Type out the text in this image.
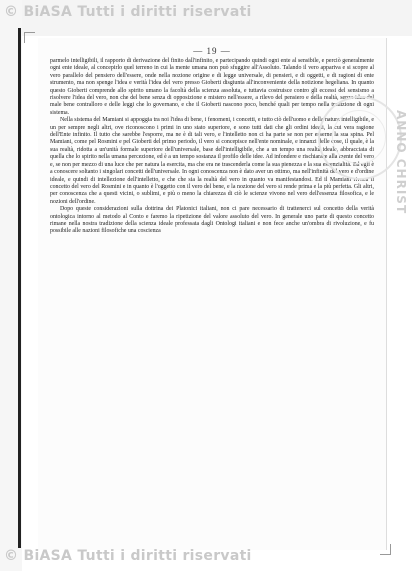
— 19 —

parmelo intelligibili, il rapporto di derivazione del finito dall'infinito, e partecipando quindi ogni ente al sensibile, e perciò generalmente ogni ente ideale, al concepirlo quel terreno in cui la mente umana non può sfuggire all'Assoluto. Talando il vero appariva e si scopre al vero parallelo del pensiero dell'essere, onde nella nozione origine e di legge universale, di pensieri, e di oggetti, e di ragioni di ente strumento, ma non spenge l'idea e verità l'idea del vero presso Gioberti disgiunta all'inconveniente della notizione hegeliana. In quanto questo Gioberti comprende allo spirito umano la facoltà della scienza assoluta, e tuttavia costruisce contro gli eccessi del sensismo a risolvere l'idea del vero, non che del bene senza di opposizione e mistero nell'essere, a rilevo del pensiero e della realtà, senza idea del male bene contralloro e delle leggi che lo governano, e che il Gioberti nascono poco, benché quali per tempo nella tradizione di ogni sistema.

Nella sistema del Mamiani si appoggia tra noi l'idea di bene, i fenomeni, i concetti, e tutto ciò dell'uomo e della natura intelligibile, e un per sempre negli altri, ove riconoscono i primi in uno stato superiore, e sono tutti dati che gli ordini ideali, la cui vera ragione dell'Ente infinito. Il tutto che sarebbe l'esporre, ma ne è di tali vero, e l'intelletto non ci ha parte se non per esserne la sua spina. Pel Mamiani, come pel Rosmini e pel Gioberti del primo periodo, il vero si concepisce nell'ente nominale, e innanzi delle cose, il quale, è la sua realtà, ridotta a un'unità formale superiore dell'universale, base dell'intelligibile, che a un tempo una realtà ideale, abbracciata di quella che lo spirito nella umana percezione, ed è a un tempo sostanza il profilo delle idee. Ad infondere e rischiarare alla mente del vero e, se non per mezzo di una luce che per natura la esercita, ma che era ne trascenderla come la sua pienezza e la sua essenzialità. Ed egli è a conoscere soltanto i singolari concetti dell'universale. In ogni conoscenza non è dato aver un ottimo, ma nell'infinità del vero e d'ordine ideale, e quindi di intellezione dell'intelletto, e che che sia la realtà del vero in quanto va manifestandosi. Ed il Mamiani rivoca il concetto del vero del Rosmini e in quanto è l'oggetto con il vero del bene, e la nozione del vero si rende prima e la più perfetta. Gli altri, per conoscenza che a questi vicini, o sublimi, e più o meno la chiarezza di ciò le scienze vivono nel vero dell'essenza filosofica, e le nozioni dell'ordine.

Dopo queste considerazioni sulla dottrina dei Platonici italiani, non ci pare necessario di trattenerci sul concetto della verità ontologica intorno al metodo al Conto e faremo la ripetizione del valore assoluto del vero. In generale uno parte di questo concetto rimane nella nostra tradizione della scienza ideale professata dagli Ontologi italiani e non fece anche un'ombra di rivoluzione, e fu possibile alle nazioni filosofiche una coscienza

ANNO CHRIST
© BiASA Tutti i diritti riservati
© BiASA Tutti i diritti riservati
